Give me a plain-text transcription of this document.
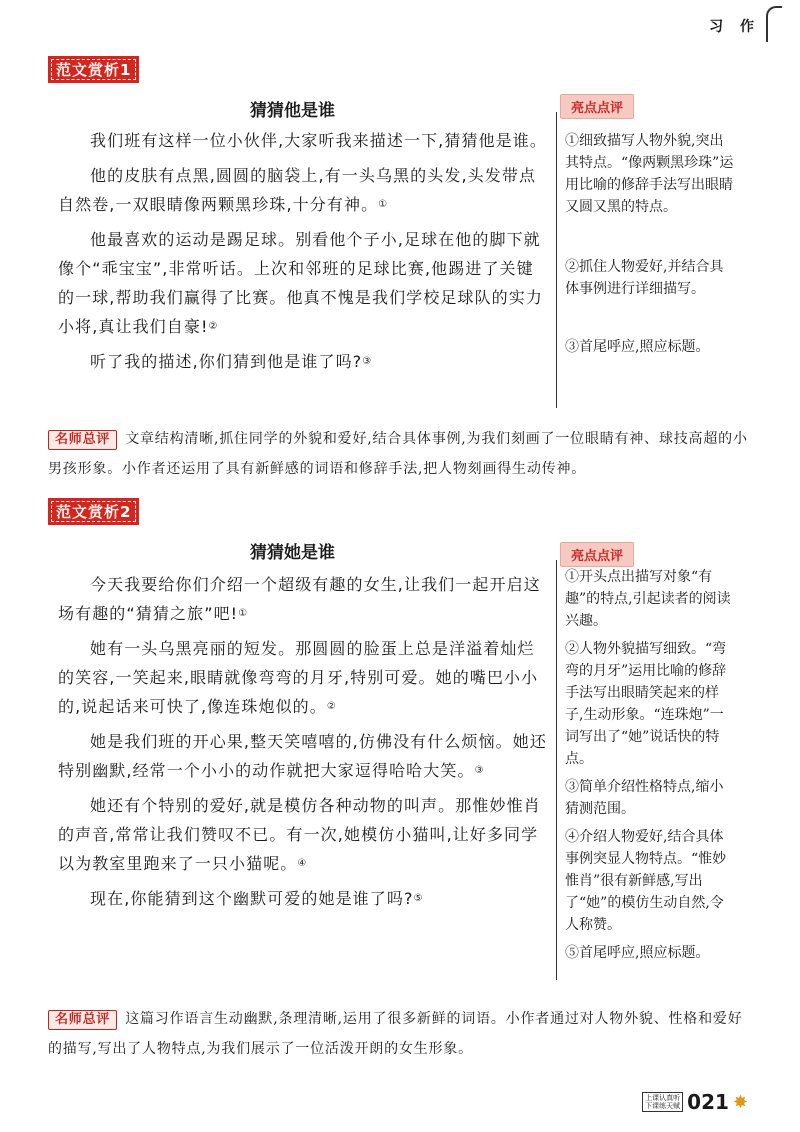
习 作
范文赏析1
猜猜他是谁	亮点点评

我们班有这样一位小伙伴,大家听我来描述一下,猜猜他是谁。

他的皮肤有点黑,圆圆的脑袋上,有一头乌黑的头发,头发带点自然卷,一双眼睛像两颗黑珍珠,十分有神。①

他最喜欢的运动是踢足球。别看他个子小,足球在他的脚下就像个“乖宝宝”,非常听话。上次和邻班的足球比赛,他踢进了关键的一球,帮助我们赢得了比赛。他真不愧是我们学校足球队的实力小将,真让我们自豪!②

听了我的描述,你们猜到他是谁了吗?③

①细致描写人物外貌,突出其特点。“像两颗黑珍珠”运用比喻的修辞手法写出眼睛又圆又黑的特点。
②抓住人物爱好,并结合具体事例进行详细描写。
③首尾呼应,照应标题。
名师总评 文章结构清晰,抓住同学的外貌和爱好,结合具体事例,为我们刻画了一位眼睛有神、球技高超的小男孩形象。小作者还运用了具有新鲜感的词语和修辞手法,把人物刻画得生动传神。
范文赏析2
猜猜她是谁	亮点点评

今天我要给你们介绍一个超级有趣的女生,让我们一起开启这场有趣的“猜猜之旅”吧!①

她有一头乌黑亮丽的短发。那圆圆的脸蛋上总是洋溢着灿烂的笑容,一笑起来,眼睛就像弯弯的月牙,特别可爱。她的嘴巴小小的,说起话来可快了,像连珠炮似的。②

她是我们班的开心果,整天笑嘻嘻的,仿佛没有什么烦恼。她还特别幽默,经常一个小小的动作就把大家逗得哈哈大笑。③

她还有个特别的爱好,就是模仿各种动物的叫声。那惟妙惟肖的声音,常常让我们赞叹不已。有一次,她模仿小猫叫,让好多同学以为教室里跑来了一只小猫呢。④

现在,你能猜到这个幽默可爱的她是谁了吗?⑤

①开头点出描写对象“有趣”的特点,引起读者的阅读兴趣。
②人物外貌描写细致。“弯弯的月牙”运用比喻的修辞手法写出眼睛笑起来的样子,生动形象。“连珠炮”一词写出了“她”说话快的特点。
③简单介绍性格特点,缩小猜测范围。
④介绍人物爱好,结合具体事例突显人物特点。“惟妙惟肖”很有新鲜感,写出了“她”的模仿生动自然,令人称赞。
⑤首尾呼应,照应标题。
名师总评 这篇习作语言生动幽默,条理清晰,运用了很多新鲜的词语。小作者通过对人物外貌、性格和爱好的描写,写出了人物特点,为我们展示了一位活泼开朗的女生形象。
上课认真听
下课练天赋 021 ✸
